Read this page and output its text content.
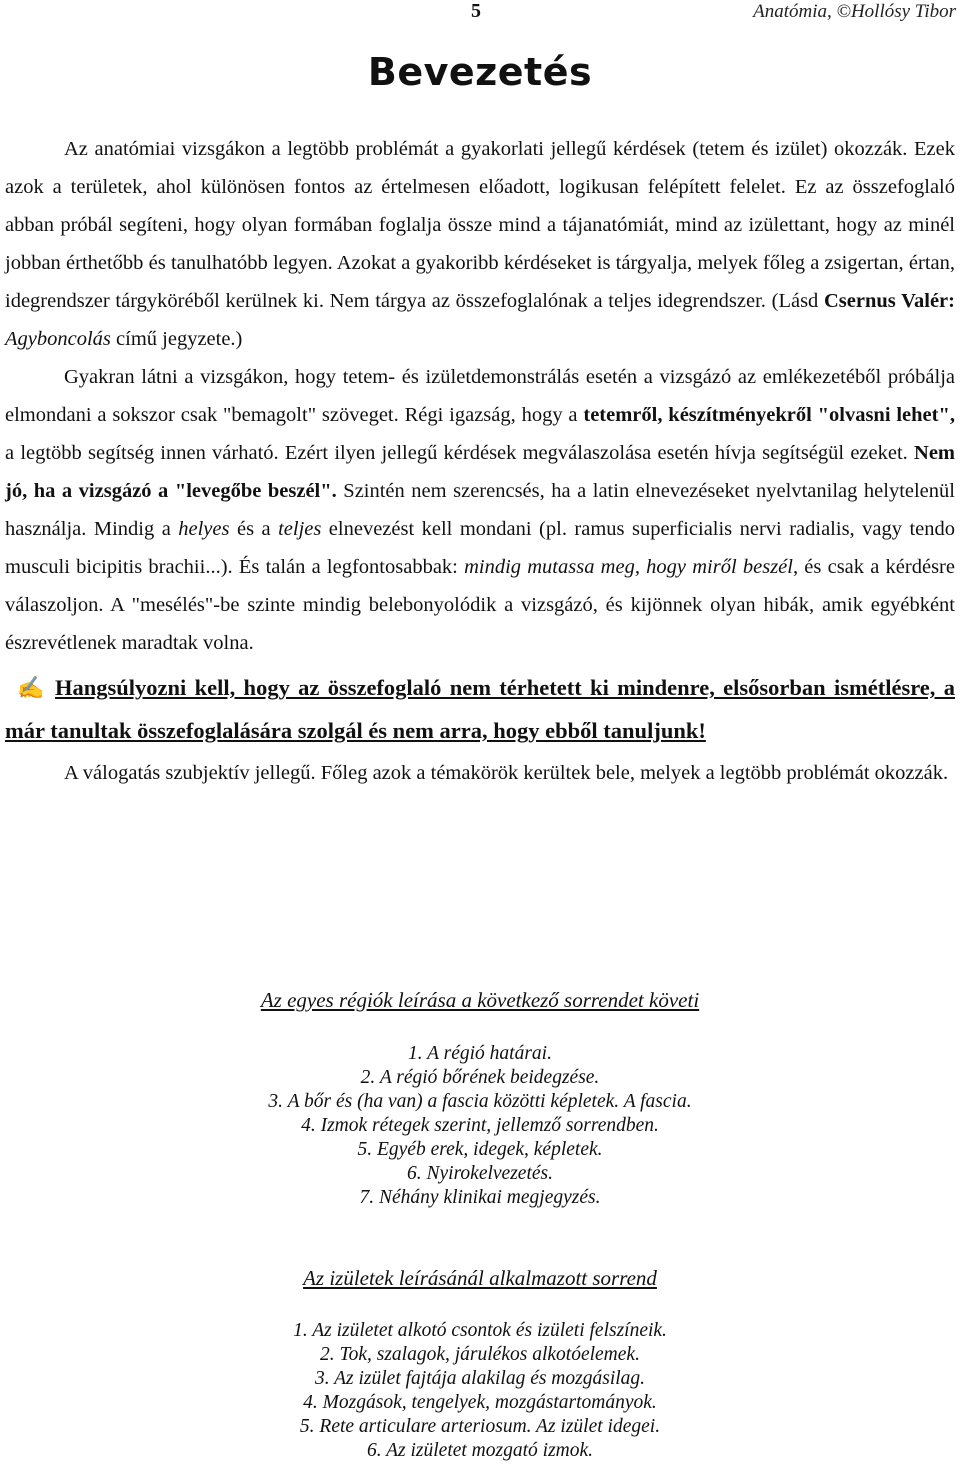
5	Anatómia, ©Hollósy Tibor
Bevezetés

Az anatómiai vizsgákon a legtöbb problémát a gyakorlati jellegű kérdések (tetem és izület) okozzák. Ezek azok a területek, ahol különösen fontos az értelmesen előadott, logikusan felépített felelet. Ez az összefoglaló abban próbál segíteni, hogy olyan formában foglalja össze mind a tájanatómiát, mind az izülettant, hogy az minél jobban érthetőbb és tanulhatóbb legyen. Azokat a gyakoribb kérdéseket is tárgyalja, melyek főleg a zsigertan, értan, idegrendszer tárgyköréből kerülnek ki. Nem tárgya az összefoglalónak a teljes idegrendszer. (Lásd Csernus Valér: Agyboncolás című jegyzete.)

Gyakran látni a vizsgákon, hogy tetem- és izületdemonstrálás esetén a vizsgázó az emlékezetéből próbálja elmondani a sokszor csak "bemagolt" szöveget. Régi igazság, hogy a tetemről, készítményekről "olvasni lehet", a legtöbb segítség innen várható. Ezért ilyen jellegű kérdések megválaszolása esetén hívja segítségül ezeket. Nem jó, ha a vizsgázó a "levegőbe beszél". Szintén nem szerencsés, ha a latin elnevezéseket nyelvtanilag helytelenül használja. Mindig a helyes és a teljes elnevezést kell mondani (pl. ramus superficialis nervi radialis, vagy tendo musculi bicipitis brachii...). És talán a legfontosabbak: mindig mutassa meg, hogy miről beszél, és csak a kérdésre válaszoljon. A "mesélés"-be szinte mindig belebonyolódik a vizsgázó, és kijönnek olyan hibák, amik egyébként észrevétlenek maradtak volna.

✍ Hangsúlyozni kell, hogy az összefoglaló nem térhetett ki mindenre, elsősorban ismétlésre, a már tanultak összefoglalására szolgál és nem arra, hogy ebből tanuljunk!

A válogatás szubjektív jellegű. Főleg azok a témakörök kerültek bele, melyek a legtöbb problémát okozzák.

Az egyes régiók leírása a következő sorrendet követi
1. A régió határai.
2. A régió bőrének beidegzése.
3. A bőr és (ha van) a fascia közötti képletek. A fascia.
4. Izmok rétegek szerint, jellemző sorrendben.
5. Egyéb erek, idegek, képletek.
6. Nyirokelvezetés.
7. Néhány klinikai megjegyzés.
Az izületek leírásánál alkalmazott sorrend
1. Az izületet alkotó csontok és izületi felszíneik.
2. Tok, szalagok, járulékos alkotóelemek.
3. Az izület fajtája alakilag és mozgásilag.
4. Mozgások, tengelyek, mozgástartományok.
5. Rete articulare arteriosum. Az izület idegei.
6. Az izületet mozgató izmok.
